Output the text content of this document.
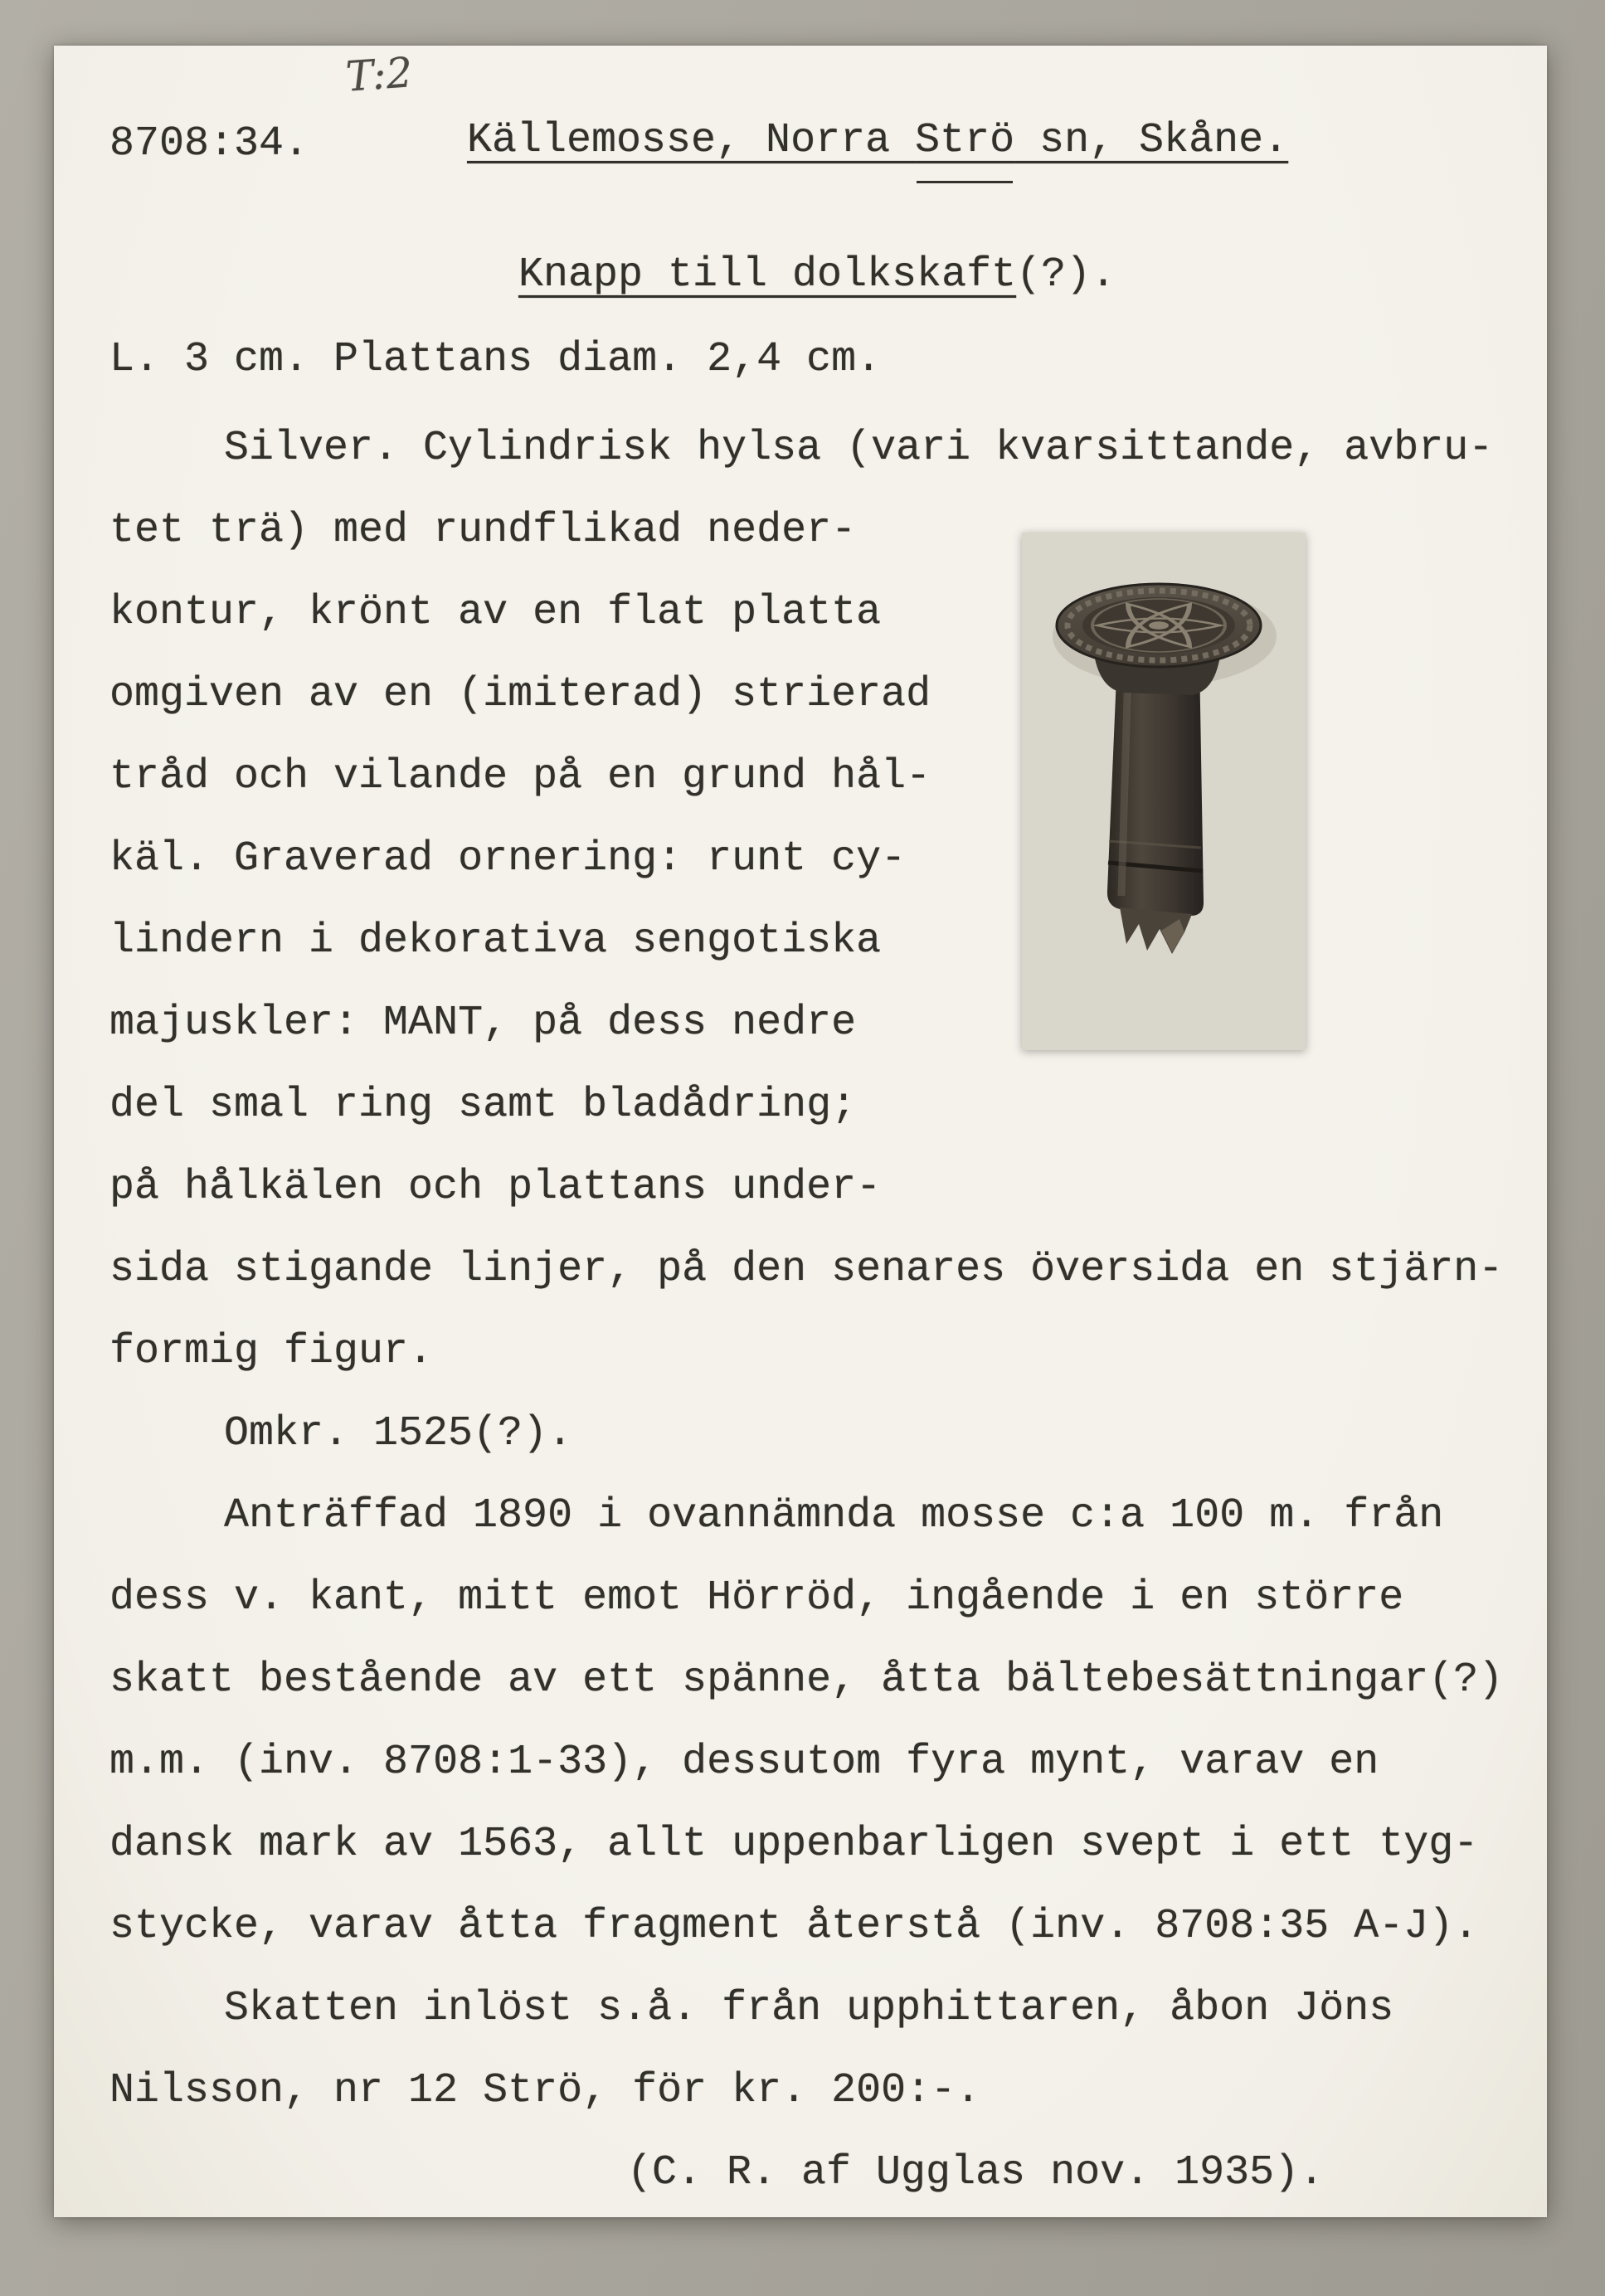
T:2
8708:34.	Källemosse, Norra Strö sn, Skåne.
Knapp till dolkskaft(?).
L. 3 cm. Plattans diam. 2,4 cm.
Silver. Cylindrisk hylsa (vari kvarsittande, avbru-
tet trä) med rundflikad neder-
kontur, krönt av en flat platta
omgiven av en (imiterad) strierad
tråd och vilande på en grund hål-
käl. Graverad ornering: runt cy-
lindern i dekorativa sengotiska
majuskler: MANT, på dess nedre
del smal ring samt bladådring;
på hålkälen och plattans under-
sida stigande linjer, på den senares översida en stjärn-
formig figur.
Omkr. 1525(?).
Anträffad 1890 i ovannämnda mosse c:a 100 m. från
dess v. kant, mitt emot Hörröd, ingående i en större
skatt bestående av ett spänne, åtta bältebesättningar(?)
m.m. (inv. 8708:1-33), dessutom fyra mynt, varav en
dansk mark av 1563, allt uppenbarligen svept i ett tyg-
stycke, varav åtta fragment återstå (inv. 8708:35 A-J).
Skatten inlöst s.å. från upphittaren, åbon Jöns
Nilsson, nr 12 Strö, för kr. 200:-.
(C. R. af Ugglas nov. 1935).
